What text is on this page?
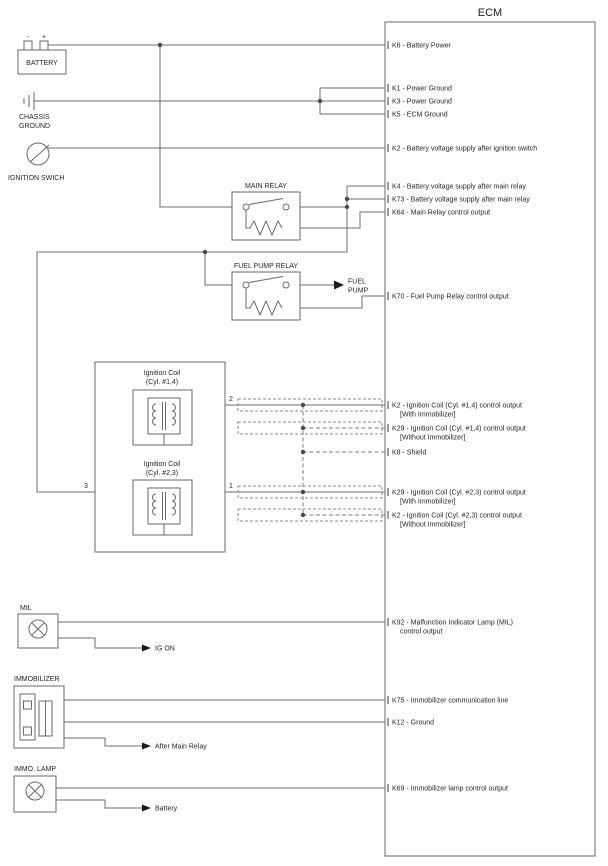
ECM
K6 - Battery Power
K1 - Power Ground
K3 - Power Ground
K5 - ECM Ground
K2 - Battery voltage supply after ignition switch
K4 - Battery voltage supply after main relay
K73 - Battery voltage supply after main relay
K64 - Main Relay control output
K70 - Fuel Pump Relay control output
K2 - Ignition Coil (Cyl. #1,4) control output
[With Immobilizer]
K29 - Ignition Coil (Cyl. #1,4) control output
[Without Immobilizer]
K8 - Shield
K29 - Ignition Coil (Cyl. #2,3) control output
[With Immobilizer]
K2 - Ignition Coil (Cyl. #2,3) control output
[Without Immobilizer]
K92 - Malfunction Indicator Lamp (MIL)
control output
K75 - Immobilizer communication line
K12 - Ground
K69 - Immobilizer lamp control output
- +
BATTERY
CHASSIS
GROUND
IGNITION SWICH
MAIN RELAY
FUEL PUMP RELAY
FUEL
PUMP
Ignition Coil
(Cyl. #1,4)
2
Ignition Coil
(Cyl. #2,3)
1
3
MIL
IG ON
IMMOBILIZER
After Main Relay
IMMO. LAMP
Battery
